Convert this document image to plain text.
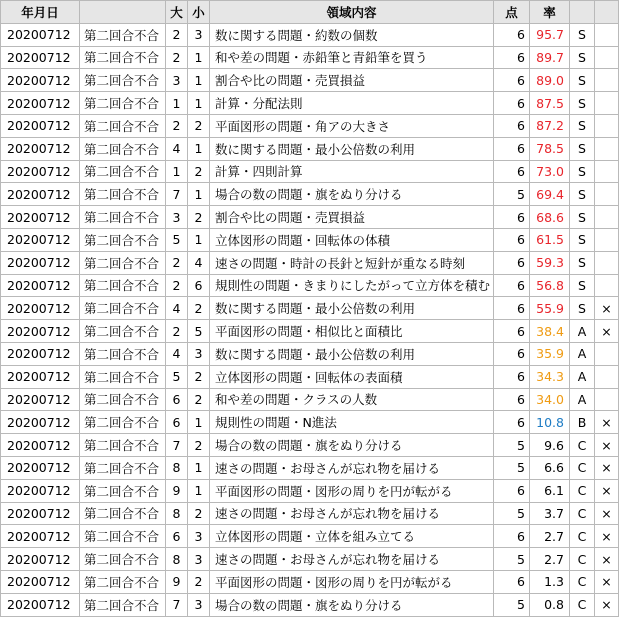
年月日		大	小	領域内容	点	率		
20200712	第二回合不合	2	3	数に関する問題・約数の個数	6	95.7	S	
20200712	第二回合不合	2	1	和や差の問題・赤鉛筆と青鉛筆を買う	6	89.7	S	
20200712	第二回合不合	3	1	割合や比の問題・売買損益	6	89.0	S	
20200712	第二回合不合	1	1	計算・分配法則	6	87.5	S	
20200712	第二回合不合	2	2	平面図形の問題・角アの大きさ	6	87.2	S	
20200712	第二回合不合	4	1	数に関する問題・最小公倍数の利用	6	78.5	S	
20200712	第二回合不合	1	2	計算・四則計算	6	73.0	S	
20200712	第二回合不合	7	1	場合の数の問題・旗をぬり分ける	5	69.4	S	
20200712	第二回合不合	3	2	割合や比の問題・売買損益	6	68.6	S	
20200712	第二回合不合	5	1	立体図形の問題・回転体の体積	6	61.5	S	
20200712	第二回合不合	2	4	速さの問題・時計の長針と短針が重なる時刻	6	59.3	S	
20200712	第二回合不合	2	6	規則性の問題・きまりにしたがって立方体を積む	6	56.8	S	
20200712	第二回合不合	4	2	数に関する問題・最小公倍数の利用	6	55.9	S	×
20200712	第二回合不合	2	5	平面図形の問題・相似比と面積比	6	38.4	A	×
20200712	第二回合不合	4	3	数に関する問題・最小公倍数の利用	6	35.9	A	
20200712	第二回合不合	5	2	立体図形の問題・回転体の表面積	6	34.3	A	
20200712	第二回合不合	6	2	和や差の問題・クラスの人数	6	34.0	A	
20200712	第二回合不合	6	1	規則性の問題・N進法	6	10.8	B	×
20200712	第二回合不合	7	2	場合の数の問題・旗をぬり分ける	5	9.6	C	×
20200712	第二回合不合	8	1	速さの問題・お母さんが忘れ物を届ける	5	6.6	C	×
20200712	第二回合不合	9	1	平面図形の問題・図形の周りを円が転がる	6	6.1	C	×
20200712	第二回合不合	8	2	速さの問題・お母さんが忘れ物を届ける	5	3.7	C	×
20200712	第二回合不合	6	3	立体図形の問題・立体を組み立てる	6	2.7	C	×
20200712	第二回合不合	8	3	速さの問題・お母さんが忘れ物を届ける	5	2.7	C	×
20200712	第二回合不合	9	2	平面図形の問題・図形の周りを円が転がる	6	1.3	C	×
20200712	第二回合不合	7	3	場合の数の問題・旗をぬり分ける	5	0.8	C	×
